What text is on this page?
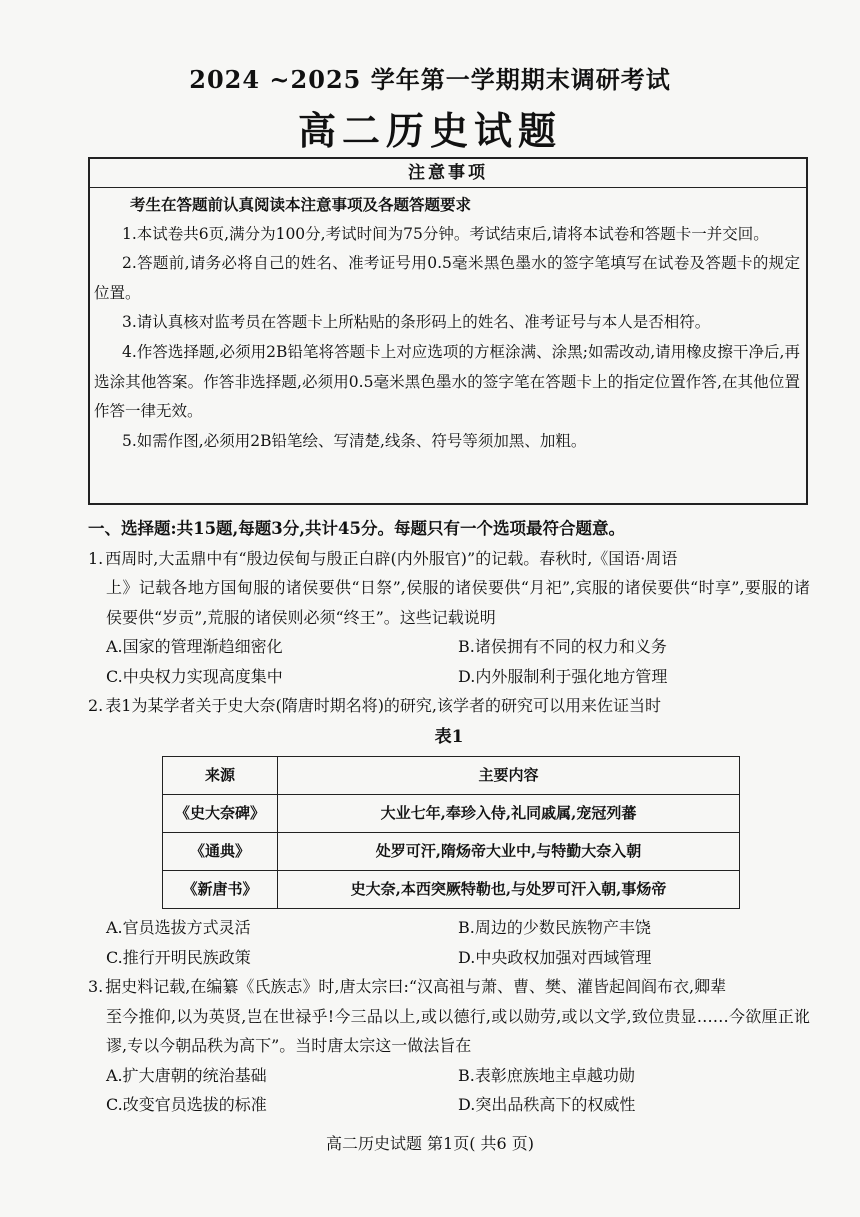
2024 ~2025 学年第一学期期末调研考试
高二历史试题
注意事项
考生在答题前认真阅读本注意事项及各题答题要求
1.本试卷共6页,满分为100分,考试时间为75分钟。考试结束后,请将本试卷和答题卡一并交回。
2.答题前,请务必将自己的姓名、准考证号用0.5毫米黑色墨水的签字笔填写在试卷及答题卡的规定位置。
3.请认真核对监考员在答题卡上所粘贴的条形码上的姓名、准考证号与本人是否相符。
4.作答选择题,必须用2B铅笔将答题卡上对应选项的方框涂满、涂黑;如需改动,请用橡皮擦干净后,再选涂其他答案。作答非选择题,必须用0.5毫米黑色墨水的签字笔在答题卡上的指定位置作答,在其他位置作答一律无效。
5.如需作图,必须用2B铅笔绘、写清楚,线条、符号等须加黑、加粗。
一、选择题:共15题,每题3分,共计45分。每题只有一个选项最符合题意。
1. 西周时,大盂鼎中有“殷边侯甸与殷正白辟(内外服官)”的记载。春秋时,《国语·周语
上》记载各地方国甸服的诸侯要供“日祭”,侯服的诸侯要供“月祀”,宾服的诸侯要供“时享”,要服的诸侯要供“岁贡”,荒服的诸侯则必须“终王”。这些记载说明
A.国家的管理渐趋细密化	B.诸侯拥有不同的权力和义务
C.中央权力实现高度集中	D.内外服制利于强化地方管理
2. 表1为某学者关于史大奈(隋唐时期名将)的研究,该学者的研究可以用来佐证当时
表1
来源	主要内容
《史大奈碑》	大业七年,奉珍入侍,礼同戚属,宠冠列蕃
《通典》	处罗可汗,隋炀帝大业中,与特勤大奈入朝
《新唐书》	史大奈,本西突厥特勒也,与处罗可汗入朝,事炀帝
A.官员选拔方式灵活	B.周边的少数民族物产丰饶
C.推行开明民族政策	D.中央政权加强对西域管理
3. 据史料记载,在编纂《氏族志》时,唐太宗曰:“汉高祖与萧、曹、樊、灌皆起闾阎布衣,卿辈
至今推仰,以为英贤,岂在世禄乎!今三品以上,或以德行,或以勋劳,或以文学,致位贵显……今欲厘正讹谬,专以今朝品秩为高下”。当时唐太宗这一做法旨在
A.扩大唐朝的统治基础	B.表彰庶族地主卓越功勋
C.改变官员选拔的标准	D.突出品秩高下的权威性
高二历史试题 第1页( 共6 页)
